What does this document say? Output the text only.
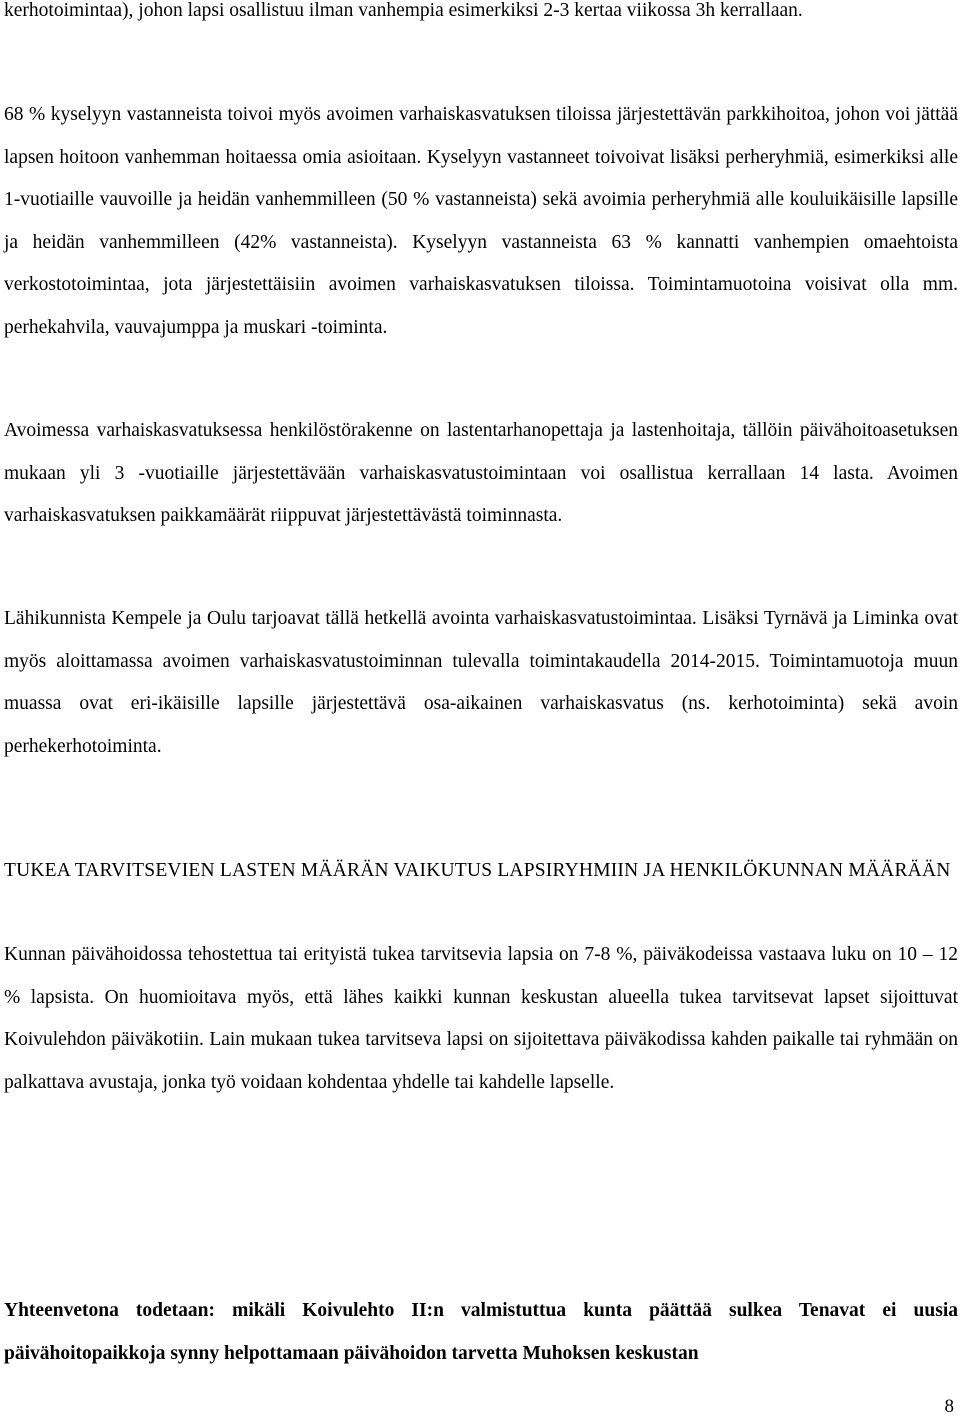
kerhotoimintaa), johon lapsi osallistuu ilman vanhempia esimerkiksi 2-3 kertaa viikossa 3h kerrallaan.

68 % kyselyyn vastanneista toivoi myös avoimen varhaiskasvatuksen tiloissa järjestettävän parkkihoitoa, johon voi jättää lapsen hoitoon vanhemman hoitaessa omia asioitaan. Kyselyyn vastanneet toivoivat lisäksi perheryhmiä, esimerkiksi alle 1-vuotiaille vauvoille ja heidän vanhemmilleen (50 % vastanneista) sekä avoimia perheryhmiä alle kouluikäisille lapsille ja heidän vanhemmilleen (42% vastanneista). Kyselyyn vastanneista 63 % kannatti vanhempien omaehtoista verkostotoimintaa, jota järjestettäisiin avoimen varhaiskasvatuksen tiloissa. Toimintamuotoina voisivat olla mm. perhekahvila, vauvajumppa ja muskari -toiminta.

Avoimessa varhaiskasvatuksessa henkilöstörakenne on lastentarhanopettaja ja lastenhoitaja, tällöin päivähoitoasetuksen mukaan yli 3 -vuotiaille järjestettävään varhaiskasvatustoimintaan voi osallistua kerrallaan 14 lasta. Avoimen varhaiskasvatuksen paikkamäärät riippuvat järjestettävästä toiminnasta.

Lähikunnista Kempele ja Oulu tarjoavat tällä hetkellä avointa varhaiskasvatustoimintaa. Lisäksi Tyrnävä ja Liminka ovat myös aloittamassa avoimen varhaiskasvatustoiminnan tulevalla toimintakaudella 2014-2015. Toimintamuotoja muun muassa ovat eri-ikäisille lapsille järjestettävä osa-aikainen varhaiskasvatus (ns. kerhotoiminta) sekä avoin perhekerhotoiminta.

TUKEA TARVITSEVIEN LASTEN MÄÄRÄN VAIKUTUS LAPSIRYHMIIN JA HENKILÖKUNNAN MÄÄRÄÄN

Kunnan päivähoidossa tehostettua tai erityistä tukea tarvitsevia lapsia on 7-8 %, päiväkodeissa vastaava luku on 10 – 12 % lapsista. On huomioitava myös, että lähes kaikki kunnan keskustan alueella tukea tarvitsevat lapset sijoittuvat Koivulehdon päiväkotiin. Lain mukaan tukea tarvitseva lapsi on sijoitettava päiväkodissa kahden paikalle tai ryhmään on palkattava avustaja, jonka työ voidaan kohdentaa yhdelle tai kahdelle lapselle.

Yhteenvetona todetaan: mikäli Koivulehto II:n valmistuttua kunta päättää sulkea Tenavat ei uusia päivähoitopaikkoja synny helpottamaan päivähoidon tarvetta Muhoksen keskustan

8
